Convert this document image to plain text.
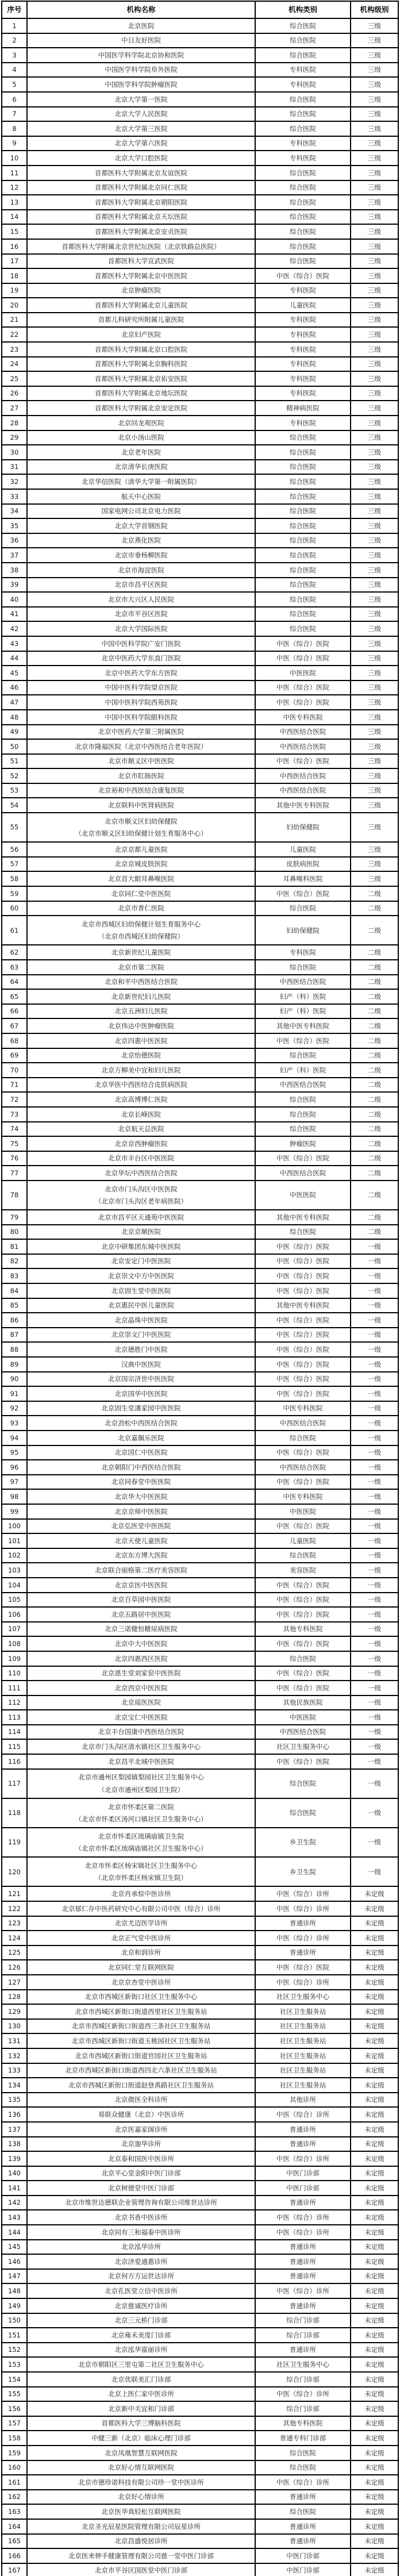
序号	机构名称	机构类别	机构级别
1	北京医院	综合医院	三级
2	中日友好医院	综合医院	三级
3	中国医学科学院北京协和医院	综合医院	三级
4	中国医学科学院阜外医院	专科医院	三级
5	中国医学科学院肿瘤医院	专科医院	三级
6	北京大学第一医院	综合医院	三级
7	北京大学人民医院	综合医院	三级
8	北京大学第三医院	综合医院	三级
9	北京大学第六医院	专科医院	三级
10	北京大学口腔医院	专科医院	三级
11	首都医科大学附属北京友谊医院	综合医院	三级
12	首都医科大学附属北京同仁医院	综合医院	三级
13	首都医科大学附属北京朝阳医院	综合医院	三级
14	首都医科大学附属北京天坛医院	综合医院	三级
15	首都医科大学附属北京安贞医院	综合医院	三级
16	首都医科大学附属北京世纪坛医院（北京铁路总医院）	综合医院	三级
17	首都医科大学宣武医院	综合医院	三级
18	首都医科大学附属北京中医医院	中医（综合）医院	三级
19	北京肿瘤医院	专科医院	三级
20	首都医科大学附属北京儿童医院	儿童医院	三级
21	首都儿科研究所附属儿童医院	专科医院	三级
22	北京妇产医院	专科医院	三级
23	首都医科大学附属北京口腔医院	专科医院	三级
24	首都医科大学附属北京胸科医院	专科医院	三级
25	首都医科大学附属北京佑安医院	专科医院	三级
26	首都医科大学附属北京地坛医院	专科医院	三级
27	首都医科大学附属北京安定医院	精神病医院	三级
28	北京回龙观医院	专科医院	三级
29	北京小汤山医院	综合医院	三级
30	北京老年医院	综合医院	三级
31	北京清华长庚医院	综合医院	三级
32	北京华信医院（清华大学第一附属医院）	综合医院	三级
33	航天中心医院	综合医院	三级
34	国家电网公司北京电力医院	综合医院	三级
35	北京大学首钢医院	综合医院	三级
36	北京燕化医院	综合医院	三级
37	北京市垂杨柳医院	综合医院	三级
38	北京市海淀医院	综合医院	三级
39	北京市昌平区医院	综合医院	三级
40	北京市大兴区人民医院	综合医院	三级
41	北京市平谷区医院	综合医院	三级
42	北京大学国际医院	综合医院	三级
43	中国中医科学院广安门医院	中医（综合）医院	三级
44	北京中医药大学东直门医院	中医（综合）医院	三级
45	北京中医药大学东方医院	中医医院	三级
46	中国中医科学院望京医院	中医（综合）医院	三级
47	中国中医科学院西苑医院	中医（综合）医院	三级
48	中国中医科学院眼科医院	中医专科医院	三级
49	北京中医药大学第三附属医院	中西医结合医院	三级
50	北京市隆福医院（北京中西医结合老年医院）	中西医结合医院	三级
51	北京市顺义区中医医院	中医（综合）医院	三级
52	北京市肛肠医院	中西医结合医院	三级
53	北京裕和中西医结合康复医院	中西医结合医院	三级
54	北京联科中医肾病医院	其他中医专科医院	三级
55	北京市顺义区妇幼保健院
（北京市顺义区妇幼保健计划生育服务中心）	妇幼保健院	三级
56	北京京都儿童医院	儿童医院	三级
57	北京京城皮肤医院	皮肤病医院	三级
58	北京首大眼耳鼻喉医院	耳鼻喉科医院	三级
59	北京同仁堂中医医院	中医（综合）医院	二级
60	北京市普仁医院	综合医院	二级
61	北京市西城区妇幼保健计划生育服务中心
（北京市西城区妇幼保健院）	妇幼保健院	二级
62	北京新世纪儿童医院	专科医院	二级
63	北京市第二医院	综合医院	二级
64	北京和平中西医结合医院	中西医结合医院	二级
65	北京新世纪妇儿医院	妇产（科）医院	二级
66	北京五洲妇儿医院	妇产（科）医院	二级
67	北京伟达中医肿瘤医院	其他中医专科医院	二级
68	北京四惠中医医院	中医（综合）医院	二级
69	北京怡德医院	综合医院	二级
70	北京万柳美中宜和妇儿医院	妇产（科）医院	二级
71	北京华医中西医结合皮肤病医院	中西医结合医院	二级
72	北京高博博仁医院	综合医院	二级
73	北京长峰医院	综合医院	二级
74	北京航天总医院	综合医院	二级
75	北京京西肿瘤医院	肿瘤医院	二级
76	北京市丰台区中医医院	中医（综合）医院	二级
77	北京华坛中西医结合医院	中西医结合医院	二级
78	北京市门头沟区中医医院
（北京市门头沟区老年病医院）	中医医院	二级
79	北京市昌平区天通苑中医医院	其他中医专科医院	二级
80	北京京顺医院	综合医院	二级
81	北京中研集团东城中医医院	中医（综合）医院	一级
82	北京安定门中医医院	中医（综合）医院	一级
83	北京崇文中方中医医院	中医（综合）医院	一级
84	北京固生堂中医医院	中医（综合）医院	一级
85	北京惠民中医儿童医院	其他中医专科医院	一级
86	北京晶珠中医医院	中医（综合）医院	一级
87	北京崇文门中医医院	中医（综合）医院	一级
88	北京德胜门中医院	中医（综合）医院	一级
89	汉典中医医院	中医（综合）医院	一级
90	北京国宗济世中医医院	中医（综合）医院	一级
91	北京国华中医医院	中医（综合）医院	一级
92	北京固生堂潘家园中医医院	中医专科医院	一级
93	北京劲松中西医结合医院	中西医结合医院	一级
94	北京嘉佩乐医院	综合医院	一级
95	北京国仁中医医院	中医（综合）医院	一级
96	北京朝阳门中西医结合医院	中西医结合医院	一级
97	北京同春堂中医医院	中医（综合）医院	一级
98	北京华大中医医院	中医专科医院	一级
99	北京京师中医医院	中医医院	一级
100	北京弘医堂中医医院	中医（综合）医院	一级
101	北京天使儿童医院	儿童医院	一级
102	北京东方博大医院	综合医院	一级
103	北京联合丽格第二医疗美容医院	美容医院	一级
104	北京京医中医医院	中医（综合）医院	一级
105	北京百草园中医医院	中医（综合）医院	一级
106	北京五路居中医医院	中医（综合）医院	一级
107	北京三诺健恒糖尿病医院	其他专科医院	一级
108	北京中大中医医院	中医（综合）医院	一级
109	北京四惠西区医院	综合医院	一级
110	北京恩生堂刘家窑中医医院	中医（综合）医院	一级
111	北京西京中医医院	中医（综合）医院	一级
112	北京瑶医医院	其他民族医院	一级
113	北京宝仁中医医院	中医医院	一级
114	北京丰台国康中西医结合医院	中西医结合医院	一级
115	北京市门头沟区清水镇社区卫生服务中心	社区卫生服务中心	一级
116	北京昌平北城中医医院	中医（综合）医院	一级
117	北京市通州区梨园镇梨园社区卫生服务中心
（北京市通州区梨园卫生院）	综合医院	一级
118	北京市怀柔区第二医院
（北京市怀柔区汤河口镇社区卫生服务中心）	综合医院	一级
119	北京市怀柔区琉璃庙镇卫生院
（北京市怀柔区琉璃庙镇社区卫生服务中心）	乡卫生院	一级
120	北京市怀柔区杨宋镇社区卫生服务中心
（北京市怀柔区杨宋镇卫生院）	乡卫生院	一级
121	北京肖承悰中医诊所	中医（综合）诊所	未定级
122	北京郁仁存中医药研究中心有限公司中医（综合）诊所	中医（综合）诊所	未定级
123	北京尤迈医学诊所	普通诊所	未定级
124	北京正气堂中医诊所	中医（综合）诊所	未定级
125	北京和润诊所	普通诊所	未定级
126	北京同仁堂互联网医院	中医（综合）医院	未定级
127	北京京杏堂中医诊所	中医（综合）诊所	未定级
128	北京市西城区新街口社区卫生服务中心	社区卫生服务中心	未定级
129	北京市西城区新街口街道西里社区卫生服务站	社区卫生服务站	未定级
130	北京市西城区新街口街道西三条社区卫生服务站	社区卫生服务站	未定级
131	北京市西城区新街口街道玉桃园社区卫生服务站	社区卫生服务站	未定级
132	北京市西城区新街口街道官园社区卫生服务站	社区卫生服务站	未定级
133	北京市西城区新街口街道西四北六条社区卫生服务站	社区卫生服务站	未定级
134	北京市西城区新街口街道赵登禹路社区卫生服务站	社区卫生服务站	未定级
135	北京微医全科诊所	其他诊所	未定级
136	易联众健康（北京）中医诊所	中医（综合）诊所	未定级
137	北京医嘉家阁诊所	普通诊所	未定级
138	北京迦华诊所	普通诊所	未定级
139	北京泰和国医中医诊所	中医（综合）诊所	未定级
140	北京平心堂金阳中医门诊部	中医门诊部	未定级
141	北京树德堂中医门诊部	中医门诊部	未定级
142	北京市维世达德联企业管理咨询有限公司维世达诊所	普通诊所	未定级
143	北京书香中医诊所	中医（综合）诊所	未定级
144	北京同有三和福泰中医诊所	中医（综合）诊所	未定级
145	北京泓华诊所	普通诊所	未定级
146	北京济爱通惠诊所	普通诊所	未定级
147	北京何方方运世达诊所	普通诊所	未定级
148	北京孔医堂立信中医诊所	中医（综合）诊所	未定级
149	北京慈诚医疗诊所	普通诊所	未定级
150	北京三元桥门诊部	综合门诊部	未定级
151	北京雍禾美度门诊部	综合门诊部	未定级
152	北京泓华富丽诊所	普通诊所	未定级
153	北京市朝阳区三里屯第二社区卫生服务中心	社区卫生服务中心	未定级
154	北京优联美汇门诊部	综合门诊部	未定级
155	北京上医仁家中医诊所	中医（综合）诊所	未定级
156	北京新中关宜和门诊部	综合门诊部	未定级
157	首都医科大学三博脑科医院	其他专科医院	未定级
158	中健三新（北京）临床心理门诊部	普通专科门诊部	未定级
159	北京凤凰智慧互联网医院	综合医院	未定级
160	北京好心情互联网医院	综合医院	未定级
161	北京市德珍诺科技有限公司珍一堂中医诊所	中医（综合）诊所	未定级
162	北京好心情诊所	普通诊所	未定级
163	北京医华真轻松互联网医院	综合医院	未定级
164	北京圣光辰星医院管理有限公司辰星诊所	普通诊所	未定级
165	北京昌盛悦居诊所	普通诊所	未定级
166	北京医来伸手健康管理有限公司慈一堂中医门诊部	中医门诊部	未定级
167	北京市平谷区国医堂中医门诊部	中医门诊部	未定级
